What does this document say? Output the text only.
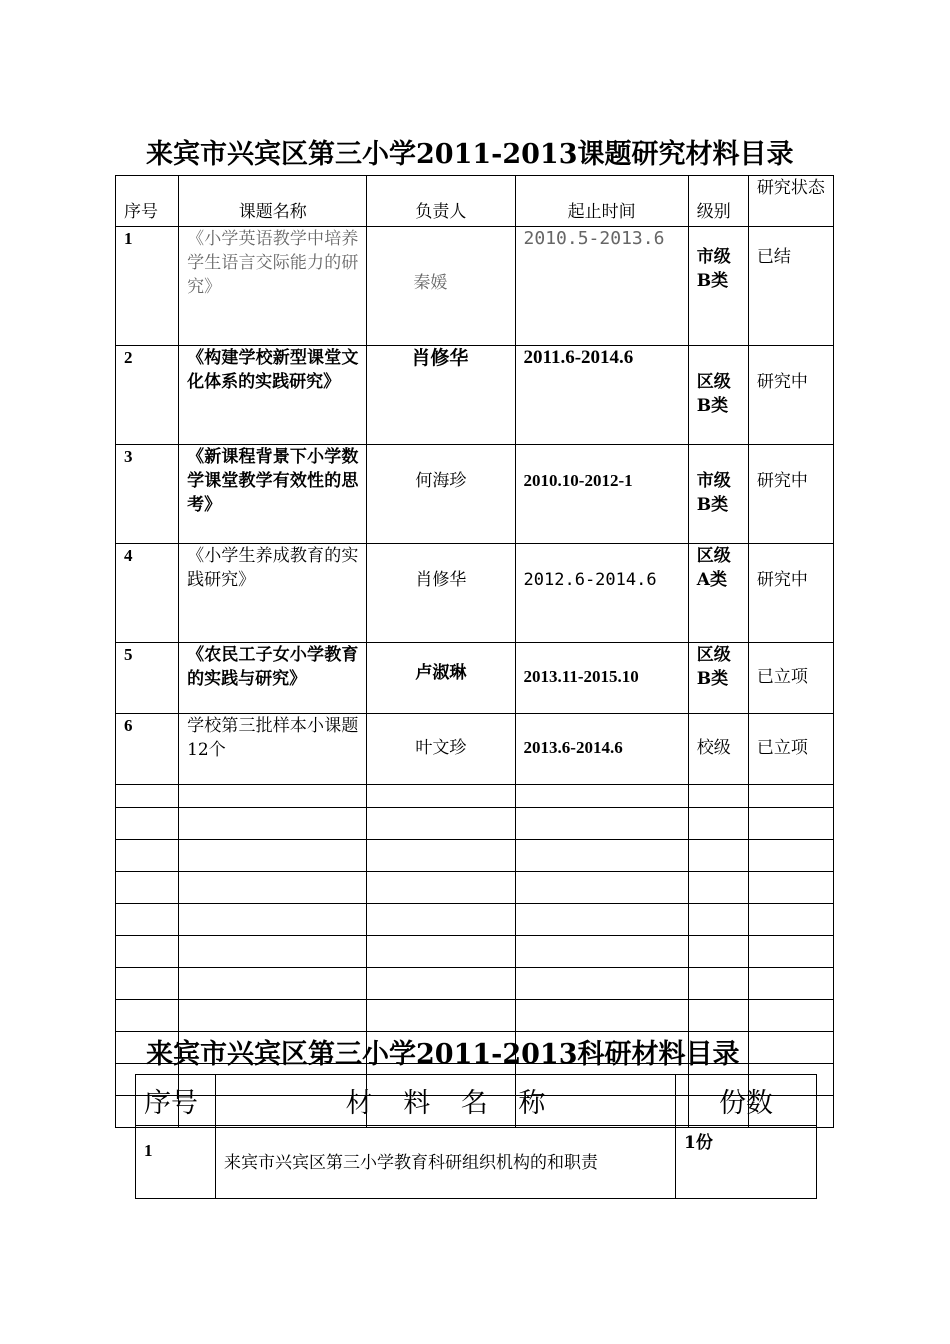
来宾市兴宾区第三小学2011-2013课题研究材料目录
序号	课题名称	负责人	起止时间	级别	研究状态
1	《小学英语教学中培养学生语言交际能力的研究》	秦媛	2010.5-2013.6	市级B类	已结
2	《构建学校新型课堂文化体系的实践研究》	肖修华	2011.6-2014.6	区级B类	研究中
3	《新课程背景下小学数学课堂教学有效性的思考》	何海珍	2010.10-2012-1	市级B类	研究中
4	《小学生养成教育的实践研究》	肖修华	2012.6-2014.6	区级A类	研究中
5	《农民工子女小学教育的实践与研究》	卢淑琳	2013.11-2015.10	区级B类	已立项
6	学校第三批样本小课题12个	叶文珍	2013.6-2014.6	校级	已立项

来宾市兴宾区第三小学2011-2013科研材料目录
序号	材 料 名 称	份数
1	来宾市兴宾区第三小学教育科研组织机构的和职责	1份
